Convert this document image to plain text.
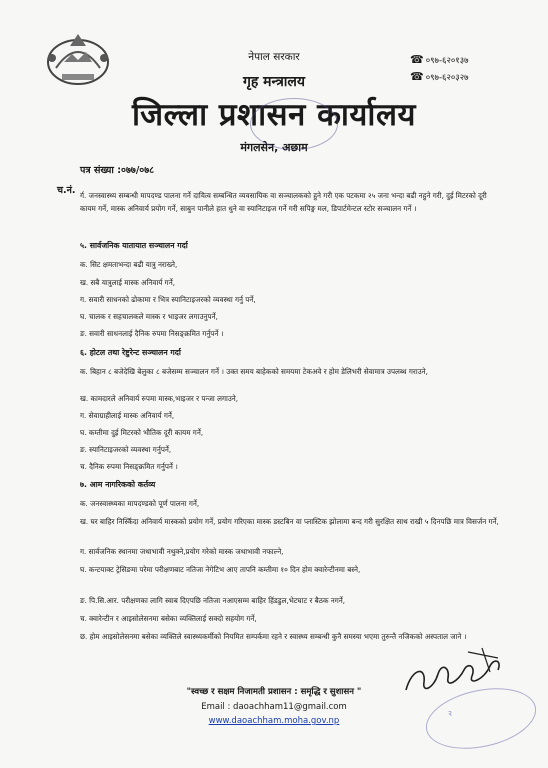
नेपाल सरकार
गृह मन्त्रालय
जिल्ला प्रशासन कार्यालय
मंगलसेन, अछाम
☎ ०९७-६२०१३७
☎ ०९७-६२०३२७
पत्र संख्या :०७७/०७८
च.नं. र्ग. जनस्वास्थ्य सम्बन्धी मापदण्ड पालना गर्ने दायित्व सम्बन्धित व्यवसायिक वा सञ्चालकको हुने गरी एक पटकमा २५ जना भन्दा बढी नहुने गरी, दुई मिटरको दूरी कायम गर्ने, मास्क अनिवार्य प्रयोग गर्ने, साबुन पानीले हात धुने वा स्यानिटाइज गर्ने गरी सपिङ्ग मल, डिपार्टमेन्टल स्टोर सञ्चालन गर्ने ।
५. सार्वजनिक यातायात सञ्चालन गर्दा
क. सिट क्षमताभन्दा बढी यात्रु नराख्ने,
ख. सबै यात्रुलाई मास्क अनिवार्य गर्ने,
ग. सवारी साधनको ढोकामा र भित्र स्यानिटाइजरको व्यवस्था गर्नु पर्ने,
घ. चालक र सहचालकले मास्क र भाइजर लगाउनुपर्ने,
ङ. सवारी साधनलाई दैनिक रुपमा निसङ्क्रमित गर्नुपर्ने ।
६. होटल तथा रेष्टुरेन्ट सञ्चालन गर्दा
क. बिहान ८ बजेदेखि बेलुका ८ बजेसम्म सञ्चालन गर्ने । उक्त समय बाहेकको समयमा टेकअवे र होम डेलिभरी सेवामात्र उपलब्ध गराउने,
ख. कामदारले अनिवार्य रुपमा मास्क,भाइजर र पन्जा लगाउने,
ग. सेवाग्राहीलाई मास्क अनिवार्य गर्ने,
घ. कम्तीमा दुई मिटरको भौतिक दूरी कायम गर्ने,
ङ. स्यानिटाइजरको व्यवस्था गर्नुपर्ने,
च. दैनिक रुपमा निसङ्क्रमित गर्नुपर्ने ।
७. आम नागरिकको कर्तव्य
क. जनस्वास्थ्यका मापदण्डको पूर्ण पालना गर्ने,
ख. घर बाहिर निस्किँदा अनिवार्य मास्कको प्रयोग गर्ने, प्रयोग गरिएका मास्क डस्टबिन वा प्लास्टिक झोलामा बन्द गरी सुरक्षित साथ राखी ५ दिनपछि मात्र विसर्जन गर्ने,
ग. सार्वजनिक स्थानमा जथाभावी नथुक्ने,प्रयोग गरेको मास्क जथाभावी नफाल्ने,
घ. कन्टयाक्ट ट्रेसिङमा परेमा परीक्षणबाट नतिजा नेगेटिभ आए तापनि कम्तीमा १० दिन होम क्वारेन्टीनमा बस्ने,
ङ. पि.सि.आर. परीक्षणका लागि स्वाब दिएपछि नतिजा नआएसम्म बाहिर हिंडडुल,भेटघाट र बैठक नगर्ने,
च. क्वारेन्टीन र आइसोलेसनमा बसेका व्यक्तिलाई सक्दो सहयोग गर्ने,
छ. होम आइसोलेसनमा बसेका व्यक्तिले स्वास्थ्यकर्मीको नियमित सम्पर्कमा रहने र स्वास्थ्य सम्बन्धी कुनै समस्या भएमा तुरुन्तै नजिकको अस्पताल जाने ।
२
"स्वच्छ र सक्षम निजामती प्रशासन : समृद्धि र सुशासन "
Email : daoachham11@gmail.com
www.daoachham.moha.gov.np
